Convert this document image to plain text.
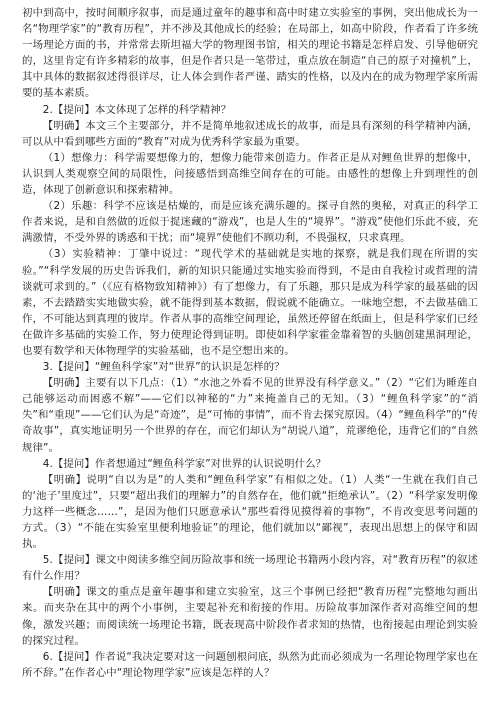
初中到高中，按时间顺序叙事，而是通过童年的趣事和高中时建立实验室的事例，突出他成长为一名“物理学家”的“教育历程”，并不涉及其他成长的经验；在局部上，如高中阶段，作者看了许多统一场理论方面的书，并常常去斯坦福大学的物理图书馆，相关的理论书籍是怎样启发、引导他研究的，这里肯定有许多精彩的故事，但是作者只是一笔带过，重点放在制造“自己的原子对撞机”上，其中具体的数据叙述得很详尽，让人体会到作者严谨、踏实的性格，以及内在的成为物理学家所需要的基本素质。

2.【提问】本文体现了怎样的科学精神？

【明确】本文三个主要部分，并不是简单地叙述成长的故事，而是具有深刻的科学精神内涵，可以从中看到哪些方面的“教育”对成为优秀科学家最为重要。

（1）想像力：科学需要想像力的，想像力能带来创造力。作者正是从对鲤鱼世界的想像中，认识到人类观察空间的局限性，问接感悟到高维空间存在的可能。由感性的想像上升到理性的创造，体现了创新意识和探索精神。

（2）乐趣：科学不应该是枯燥的，而是应该充满乐趣的。探寻自然的奥秘，对真正的科学工作者来说，是和自然做的近似于捉迷藏的“游戏”，也是人生的“境界”。“游戏”使他们乐此不疲，充满激情，不受外界的诱惑和干扰；而“境界”使他们不顾功利，不畏强权，只求真理。

（3）实验精神：丁肇中说过：“现代学术的基础就是实地的探察，就是我们现在所谓的实验。”“科学发展的历史告诉我们，新的知识只能通过实地实验而得到，不是由自我检讨或哲理的清谈就可求到的。”（《应有格物致知精神》）有了想像力，有了乐趣，那只是成为科学家的最基础的因素，不去踏踏实实地做实验，就不能得到基本数据，假说就不能确立。一味地空想，不去做基础工作，不可能达到真理的彼岸。作者从事的高维空间理论，虽然还停留在纸面上，但是科学家们已经在做许多基础的实验工作，努力使理论得到证明。即使如科学家霍金靠着智的头脑创建黑洞理论，也要有数学和天体物理学的实验基础，也不是空想出来的。

3.【提问】“鲤鱼科学家”对“世界”的认识是怎样的？

【明确】主要有以下几点：（1）“水池之外看不见的世界没有科学意义。”（2）“它们为睡莲自己能够运动而困惑不解”——它们以神秘的“力”来掩盖自己的无知。（3）“鲤鱼科学家”的“消失”和“重现”——它们认为是“奇迹”，是“可怖的事情”，而不肯去探究原因。（4）“鲤鱼科学”的“传奇故事”，真实地证明另一个世界的存在，而它们却认为“胡说八道”，荒谬绝伦，违背它们的“自然规律”。

4.【提问】作者想通过“鲤鱼科学家”对世界的认识说明什么？

【明确】说明“自以为是”的人类和“鲤鱼科学家”有相似之处。（1）人类“一生就在我们自己的‘池子’里度过”，只要“超出我们的理解力”的自然存在，他们就“拒绝承认”。（2）“科学家发明像力这样一些概念……”，是因为他们只愿意承认“那些看得见摸得着的事物”，不肯改变思考问题的方式。（3）“不能在实验室里便利地验证”的理论，他们就加以“鄙视”，表现出思想上的保守和固执。

5.【提问】课文中阅读多维空间历险故事和统一场理论书籍两小段内容，对“教育历程”的叙述有什么作用？

【明确】课文的重点是童年趣事和建立实验室，这三个事例已经把“教育历程”完整地勾画出来。而夹杂在其中的两个小事例，主要起补充和衔接的作用。历险故事加深作者对高维空间的想像，激发兴趣；而阅读统一场理论书籍，既表现高中阶段作者求知的热情，也衔接起由理论到实验的探究过程。

6.【提问】作者说“我决定要对这一问题刨根问底，纵然为此而必须成为一名理论物理学家也在所不辞。”在作者心中“理论物理学家”应该是怎样的人？
